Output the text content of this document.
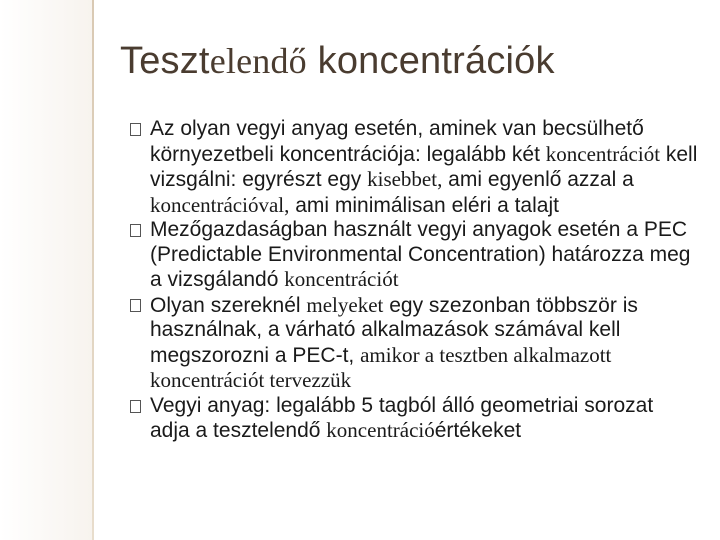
Tesztelendő koncentrációk
Az olyan vegyi anyag esetén, aminek van becsülhető környezetbeli koncentrációja: legalább két koncentrációt kell vizsgálni: egyrészt egy kisebbet, ami egyenlő azzal a koncentrációval, ami minimálisan eléri a talajt
Mezőgazdaságban használt vegyi anyagok esetén a PEC (Predictable Environmental Concentration) határozza meg a vizsgálandó koncentrációt
Olyan szereknél melyeket egy szezonban többször is használnak, a várható alkalmazások számával kell megszorozni a PEC-t, amikor a tesztben alkalmazott koncentrációt tervezzük
Vegyi anyag: legalább 5 tagból álló geometriai sorozat adja a tesztelendő koncentrációértékeket
